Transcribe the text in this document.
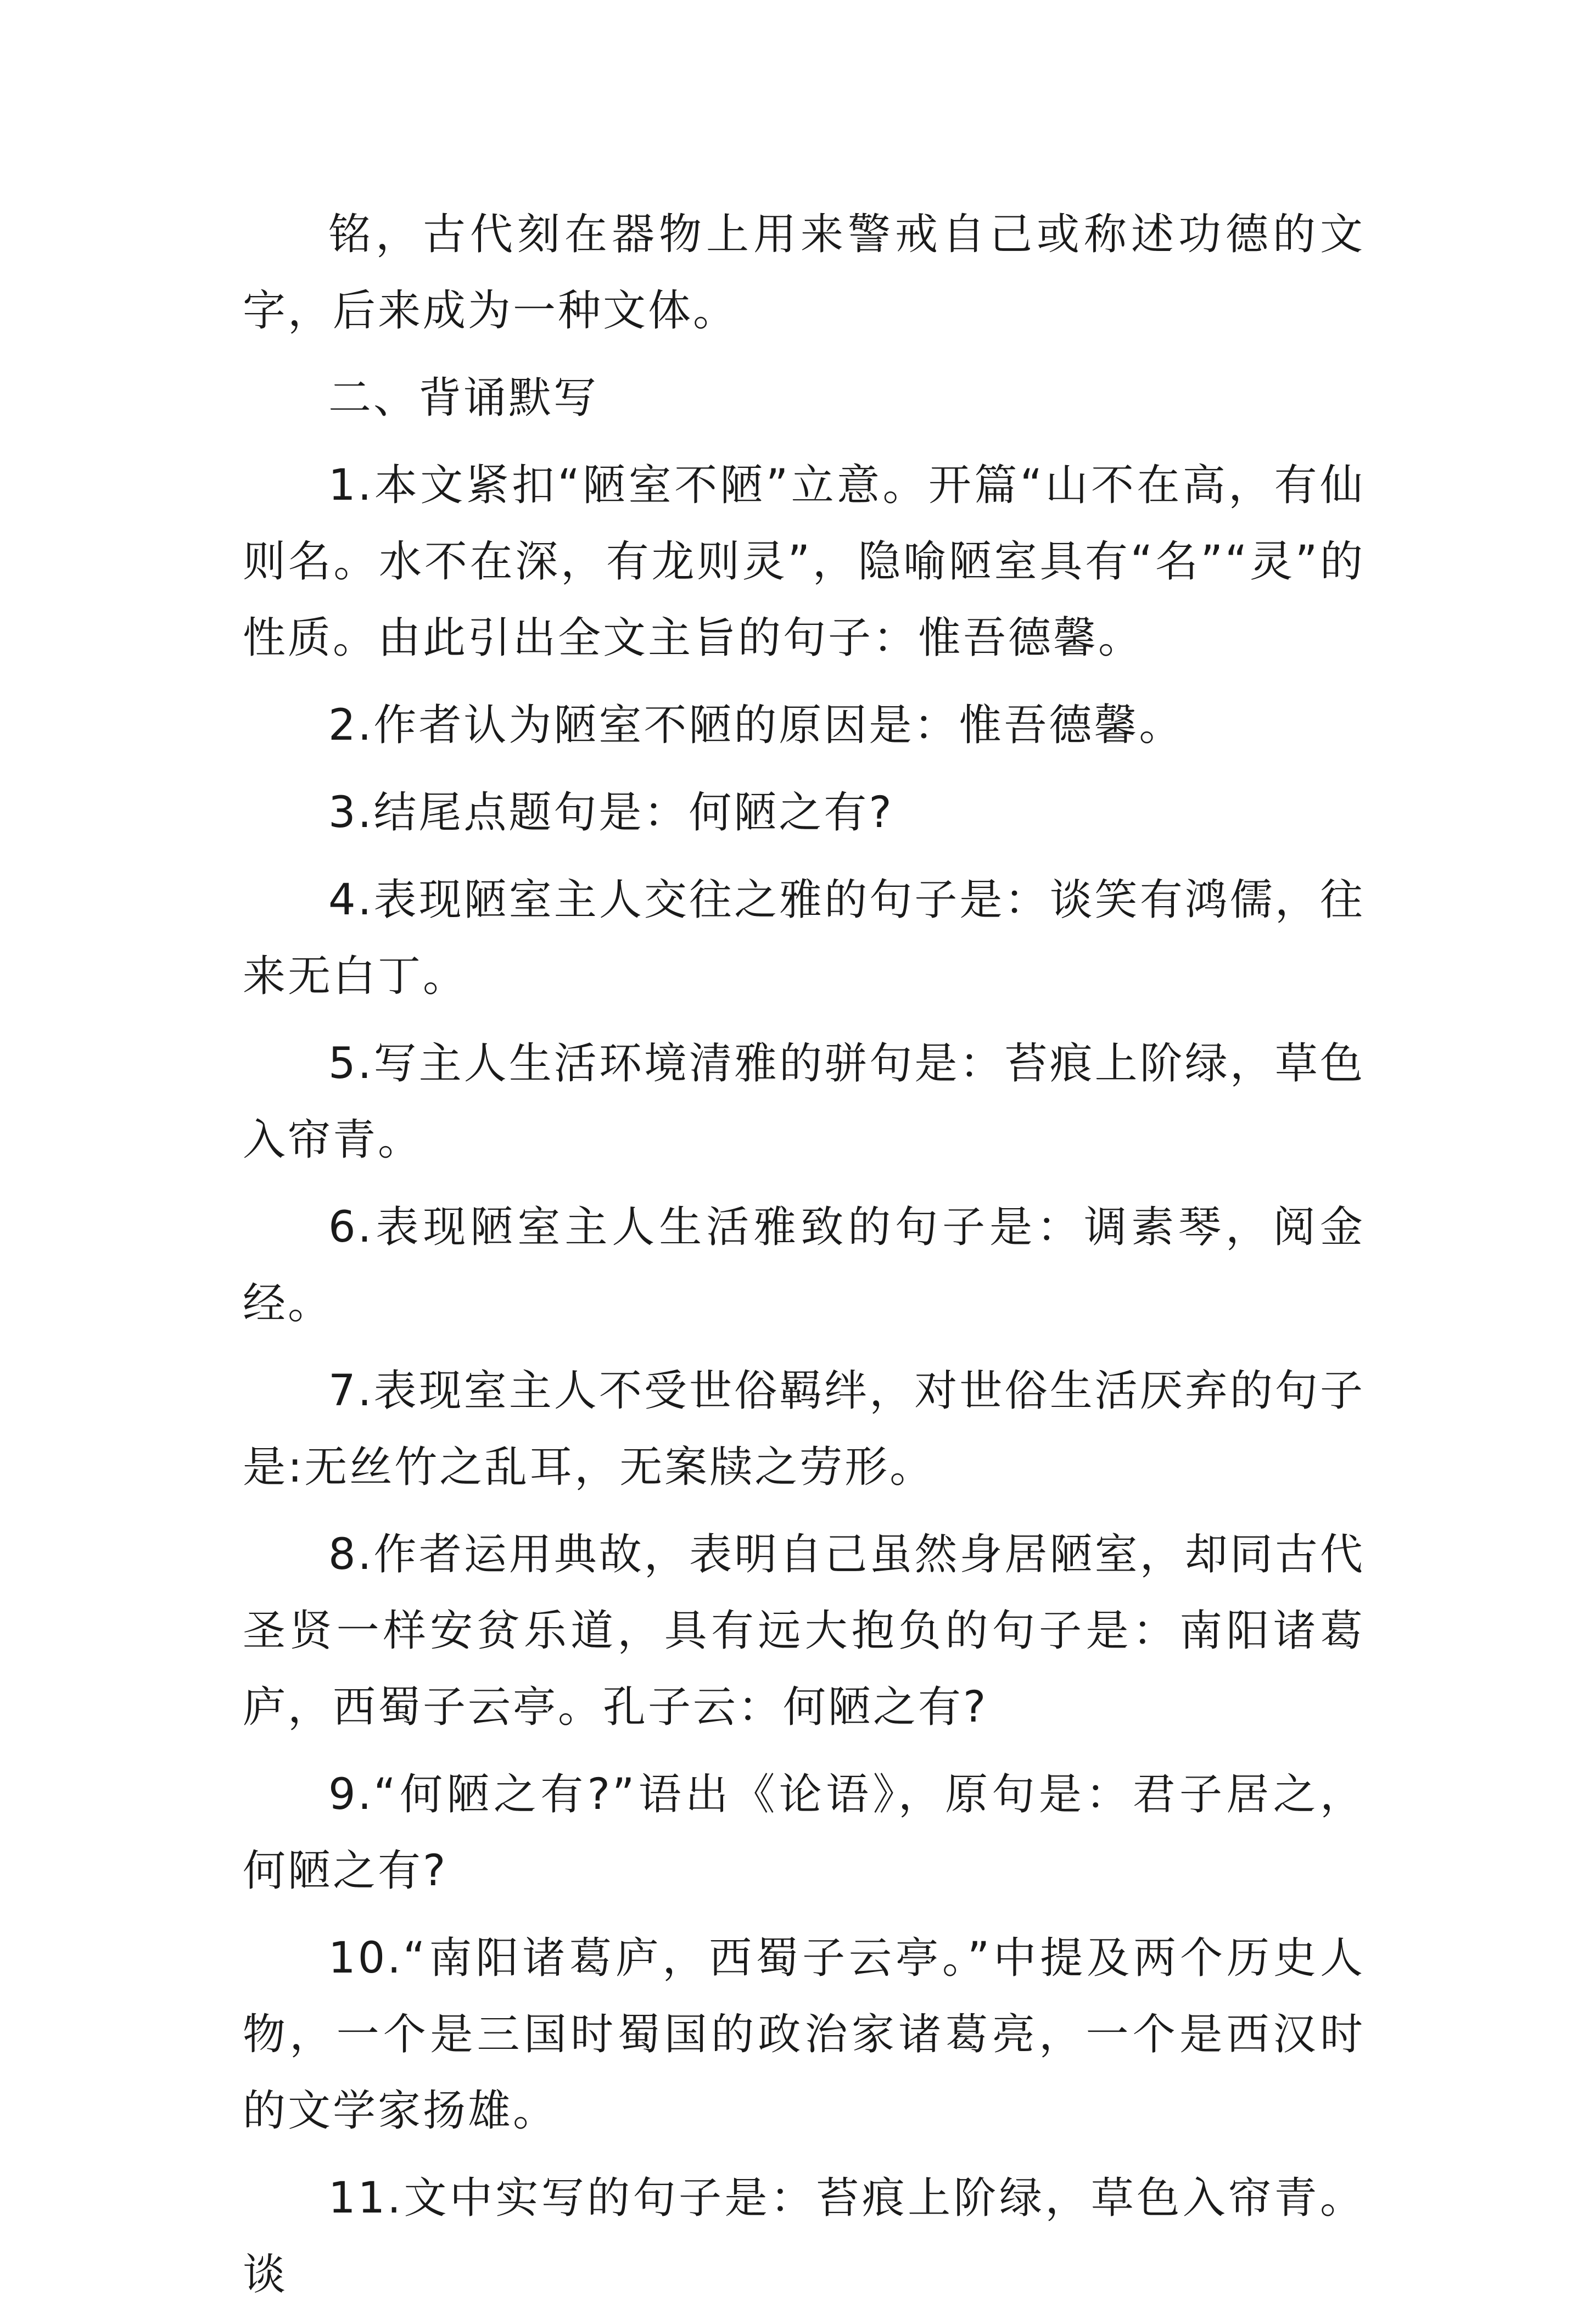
铭，古代刻在器物上用来警戒自己或称述功德的文字，后来成为一种文体。

二、背诵默写

1.本文紧扣“陋室不陋”立意。开篇“山不在高，有仙则名。水不在深，有龙则灵”，隐喻陋室具有“名”“灵”的性质。由此引出全文主旨的句子：惟吾德馨。

2.作者认为陋室不陋的原因是：惟吾德馨。

3.结尾点题句是：何陋之有?

4.表现陋室主人交往之雅的句子是：谈笑有鸿儒，往来无白丁。

5.写主人生活环境清雅的骈句是：苔痕上阶绿，草色入帘青。

6.表现陋室主人生活雅致的句子是：调素琴，阅金经。

7.表现室主人不受世俗羁绊，对世俗生活厌弃的句子是:无丝竹之乱耳，无案牍之劳形。

8.作者运用典故，表明自己虽然身居陋室，却同古代圣贤一样安贫乐道，具有远大抱负的句子是：南阳诸葛庐，西蜀子云亭。孔子云：何陋之有?

9.“何陋之有?”语出《论语》，原句是：君子居之，何陋之有?

10.“南阳诸葛庐，西蜀子云亭。”中提及两个历史人物，一个是三国时蜀国的政治家诸葛亮，一个是西汉时的文学家扬雄。

11.文中实写的句子是：苔痕上阶绿，草色入帘青。谈
